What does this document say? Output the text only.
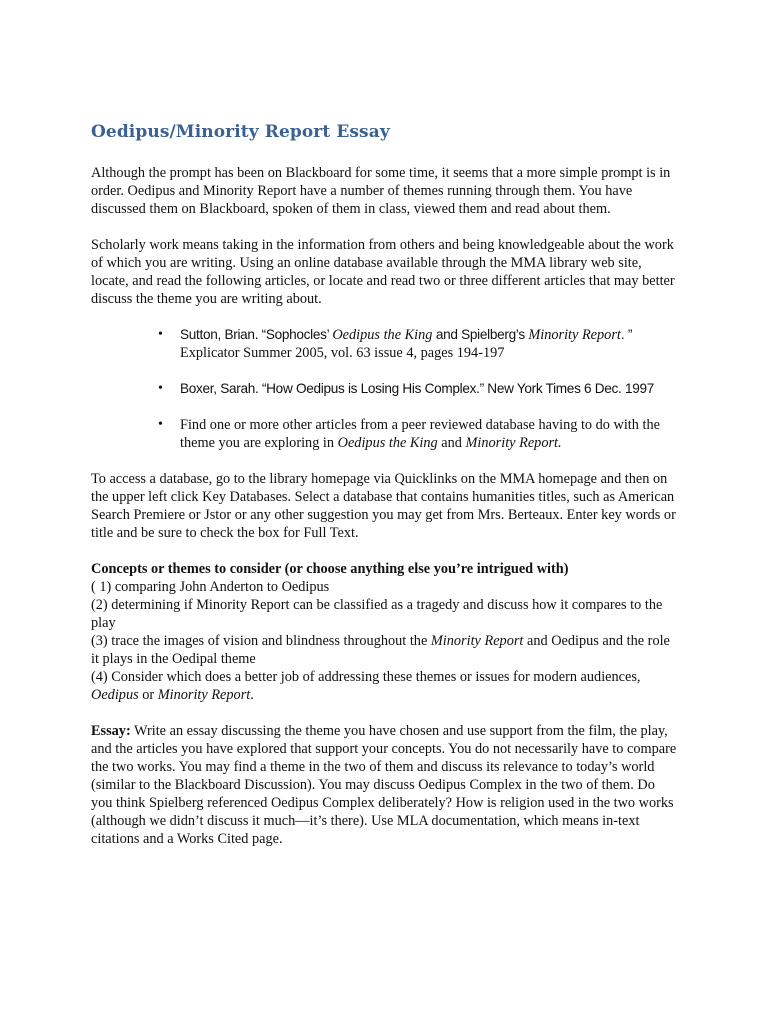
Oedipus/Minority Report Essay

Although the prompt has been on Blackboard for some time, it seems that a more simple prompt is in order. Oedipus and Minority Report have a number of themes running through them. You have discussed them on Blackboard, spoken of them in class, viewed them and read about them.

Scholarly work means taking in the information from others and being knowledgeable about the work of which you are writing. Using an online database available through the MMA library web site, locate, and read the following articles, or locate and read two or three different articles that may better discuss the theme you are writing about.

• Sutton, Brian. “Sophocles’ Oedipus the King and Spielberg’s Minority Report. ”
Explicator Summer 2005, vol. 63 issue 4, pages 194-197
• Boxer, Sarah. “How Oedipus is Losing His Complex.” New York Times 6 Dec. 1997
• Find one or more other articles from a peer reviewed database having to do with the theme you are exploring in Oedipus the King and Minority Report.

To access a database, go to the library homepage via Quicklinks on the MMA homepage and then on the upper left click Key Databases. Select a database that contains humanities titles, such as American Search Premiere or Jstor or any other suggestion you may get from Mrs. Berteaux. Enter key words or title and be sure to check the box for Full Text.

Concepts or themes to consider (or choose anything else you’re intrigued with)

( 1) comparing John Anderton to Oedipus

(2) determining if Minority Report can be classified as a tragedy and discuss how it compares to the play

(3) trace the images of vision and blindness throughout the Minority Report and Oedipus and the role it plays in the Oedipal theme

(4) Consider which does a better job of addressing these themes or issues for modern audiences, Oedipus or Minority Report.

Essay: Write an essay discussing the theme you have chosen and use support from the film, the play, and the articles you have explored that support your concepts. You do not necessarily have to compare the two works. You may find a theme in the two of them and discuss its relevance to today’s world (similar to the Blackboard Discussion). You may discuss Oedipus Complex in the two of them. Do you think Spielberg referenced Oedipus Complex deliberately? How is religion used in the two works (although we didn’t discuss it much—it’s there). Use MLA documentation, which means in-text citations and a Works Cited page.
